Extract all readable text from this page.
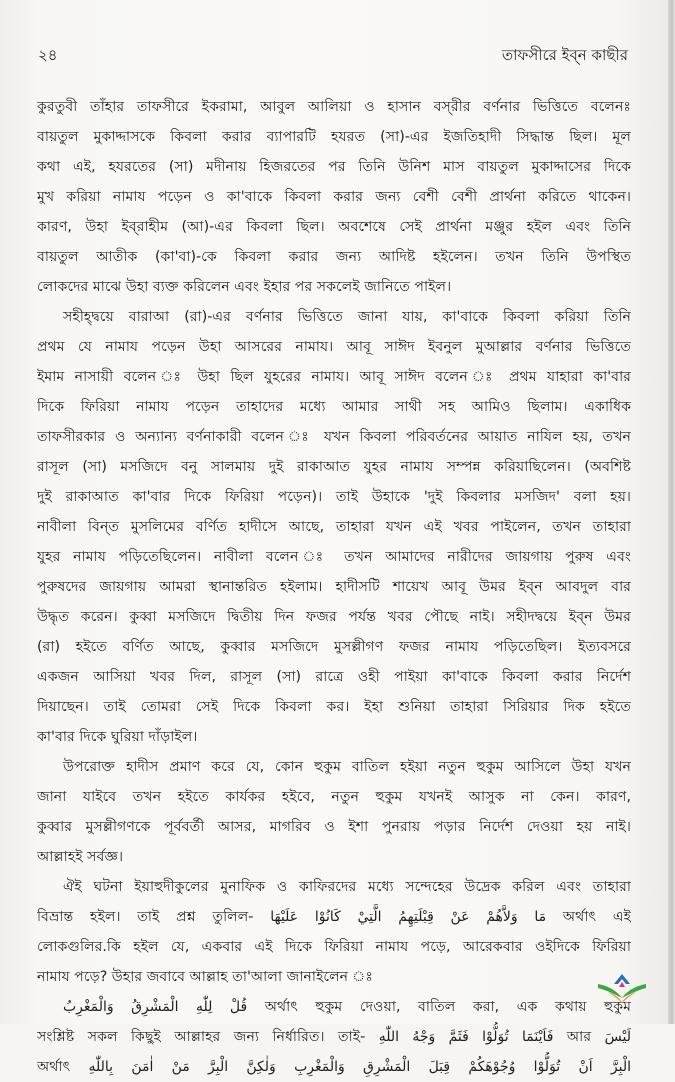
২৪	তাফসীরে ইব্‌ন কাছীর
কুরতুবী তাঁহার তাফসীরে ইকরামা, আবুল আলিয়া ও হাসান বস্‌রীর বর্ণনার ভিত্তিতে বলেনঃ
বায়তুল মুকাদ্দাসকে কিবলা করার ব্যাপারটি হযরত (সা)-এর ইজতিহাদী সিদ্ধান্ত ছিল। মূল
কথা এই, হযরতের (সা) মদীনায় হিজরতের পর তিনি উনিশ মাস বায়তুল মুকাদ্দাসের দিকে
মুখ করিয়া নামায পড়েন ও কা'বাকে কিবলা করার জন্য বেশী বেশী প্রার্থনা করিতে থাকেন।
কারণ, উহা ইব্‌রাহীম (আ)-এর কিবলা ছিল। অবশেষে সেই প্রার্থনা মঞ্জুর হইল এবং তিনি
বায়তুল আতীক (কা'বা)-কে কিবলা করার জন্য আদিষ্ট হইলেন। তখন তিনি উপস্থিত
লোকদের মাঝে উহা ব্যক্ত করিলেন এবং ইহার পর সকলেই জানিতে পাইল।
সহীহ্‌দ্বয়ে বারাআ (রা)-এর বর্ণনার ভিত্তিতে জানা যায়, কা'বাকে কিবলা করিয়া তিনি
প্রথম যে নামায পড়েন উহা আসরের নামায। আবূ সাঈদ ইবনুল মুআল্লার বর্ণনার ভিত্তিতে
ইমাম নাসায়ী বলেন ঃ উহা ছিল যুহরের নামায। আবূ সাঈদ বলেন ঃ প্রথম যাহারা কা'বার
দিকে ফিরিয়া নামায পড়েন তাহাদের মধ্যে আমার সাথী সহ আমিও ছিলাম। একাধিক
তাফসীরকার ও অন্যান্য বর্ণনাকারী বলেন ঃ যখন কিবলা পরিবর্তনের আয়াত নাযিল হয়, তখন
রাসূল (সা) মসজিদে বনু সালমায় দুই রাকাআত যুহর নামায সম্পন্ন করিয়াছিলেন। (অবশিষ্ট
দুই রাকাআত কা'বার দিকে ফিরিয়া পড়েন)। তাই উহাকে 'দুই কিবলার মসজিদ' বলা হয়।
নাবীলা বিন্‌ত মুসলিমের বর্ণিত হাদীসে আছে, তাহারা যখন এই খবর পাইলেন, তখন তাহারা
যুহর নামায পড়িতেছিলেন। নাবীলা বলেন ঃ তখন আমাদের নারীদের জায়গায় পুরুষ এবং
পুরুষদের জায়গায় আমরা স্থানান্তরিত হইলাম। হাদীসটি শায়েখ আবূ উমর ইব্‌ন আবদুল বার
উদ্ধৃত করেন। কুব্বা মসজিদে দ্বিতীয় দিন ফজর পর্যন্ত খবর পৌছে নাই। সহীদদ্বয়ে ইব্‌ন উমর
(রা) হইতে বর্ণিত আছে, কুব্বার মসজিদে মুসল্লীগণ ফজর নামায পড়িতেছিল। ইত্যবসরে
একজন আসিয়া খবর দিল, রাসূল (সা) রাত্রে ওহী পাইয়া কা'বাকে কিবলা করার নির্দেশ
দিয়াছেন। তাই তোমরা সেই দিকে কিবলা কর। ইহা শুনিয়া তাহারা সিরিয়ার দিক হইতে
কা'বার দিকে ঘুরিয়া দাঁড়াইল।
উপরোক্ত হাদীস প্রমাণ করে যে, কোন হুকুম বাতিল হইয়া নতুন হুকুম আসিলে উহা যখন
জানা যাইবে তখন হইতে কার্যকর হইবে, নতুন হুকুম যখনই আসুক না কেন। কারণ,
কুব্বার মুসল্লীগণকে পূর্ববর্তী আসর, মাগরিব ও ইশা পুনরায় পড়ার নির্দেশ দেওয়া হয় নাই।
আল্লাহই সর্বজ্ঞ।
ঐই ঘটনা ইয়াহুদীকুলের মুনাফিক ও কাফিরদের মধ্যে সন্দেহের উদ্রেক করিল এবং তাহারা
বিভ্রান্ত হইল। তাই প্রশ্ন তুলিল- مَا وَلاَّهُمْ عَنْ قِبْلَتِهِمُ الَّتِيْ كَانُوْا عَلَيْهَا অর্থাৎ এই
লোকগুলির.কি হইল যে, একবার এই দিকে ফিরিয়া নামায পড়ে, আরেকবার ওইদিকে ফিরিয়া
নামায পড়ে? উহার জবাবে আল্লাহ তা'আলা জানাইলেন ঃ
قُلْ لِلّٰهِ الْمَشْرِقُ وَالْمَغْرِبُ অর্থাৎ হুকুম দেওয়া, বাতিল করা, এক কথায় হুকুম
সংশ্লিষ্ট সকল কিছুই আল্লাহর জন্য নির্ধারিত। তাই- فَاَيْنَمَا تُوَلُّوْا فَثَمَّ وَجْهُ اللّٰهِ আর لَيْسَ
অর্থাৎ الْبِرَّ اَنْ تُوَلُّوْا وُجُوْهَكُمْ قِبَلَ الْمَشْرِقِ وَالْمَغْرِبِ وَلٰكِنَّ الْبِرَّ مَنْ اٰمَنَ بِاللّٰهِ
